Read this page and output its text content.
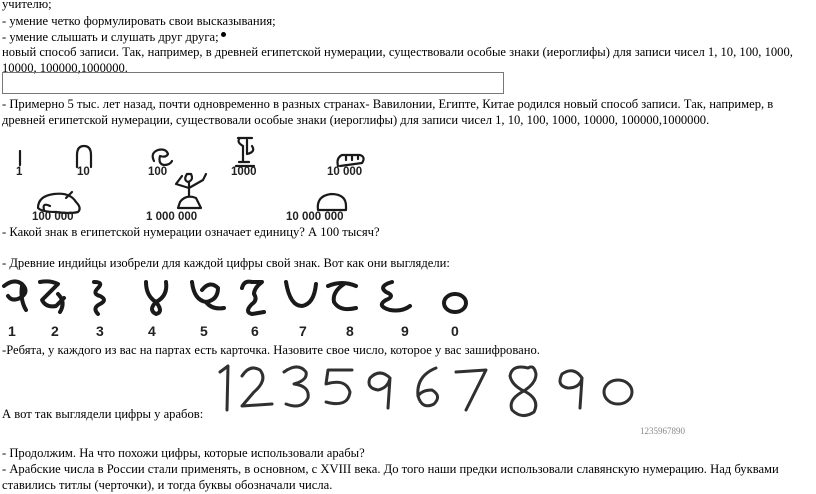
учителю;
- умение четко формулировать свои высказывания;
- умение слышать и слушать друг друга;
новый способ записи. Так, например, в древней египетской нумерации, существовали особые знаки (иероглифы) для записи чисел 1, 10, 100, 1000, 10000, 100000,1000000.
- Примерно 5 тыс. лет назад, почти одновременно в разных странах- Вавилонии, Египте, Китае родился новый способ записи. Так, например, в древней египетской нумерации, существовали особые знаки (иероглифы) для записи чисел 1, 10, 100, 1000, 10000, 100000,1000000.
1	10	100	1000	10 000
100 000	1 000 000	10 000 000
- Какой знак в египетской нумерации означает единицу? А 100 тысяч?
- Древние индийцы изобрели для каждой цифры свой знак. Вот как они выглядели:
1	2	3	4	5	6	7	8	9	0
-Ребята, у каждого из вас на партах есть карточка. Назовите свое число, которое у вас зашифровано.
1235967890
А вот так выглядели цифры у арабов:
- Продолжим. На что похожи цифры, которые использовали арабы?
- Арабские числа в России стали применять, в основном, с XVIII века. До того наши предки использовали славянскую нумерацию. Над буквами ставились титлы (черточки), и тогда буквы обозначали числа.
